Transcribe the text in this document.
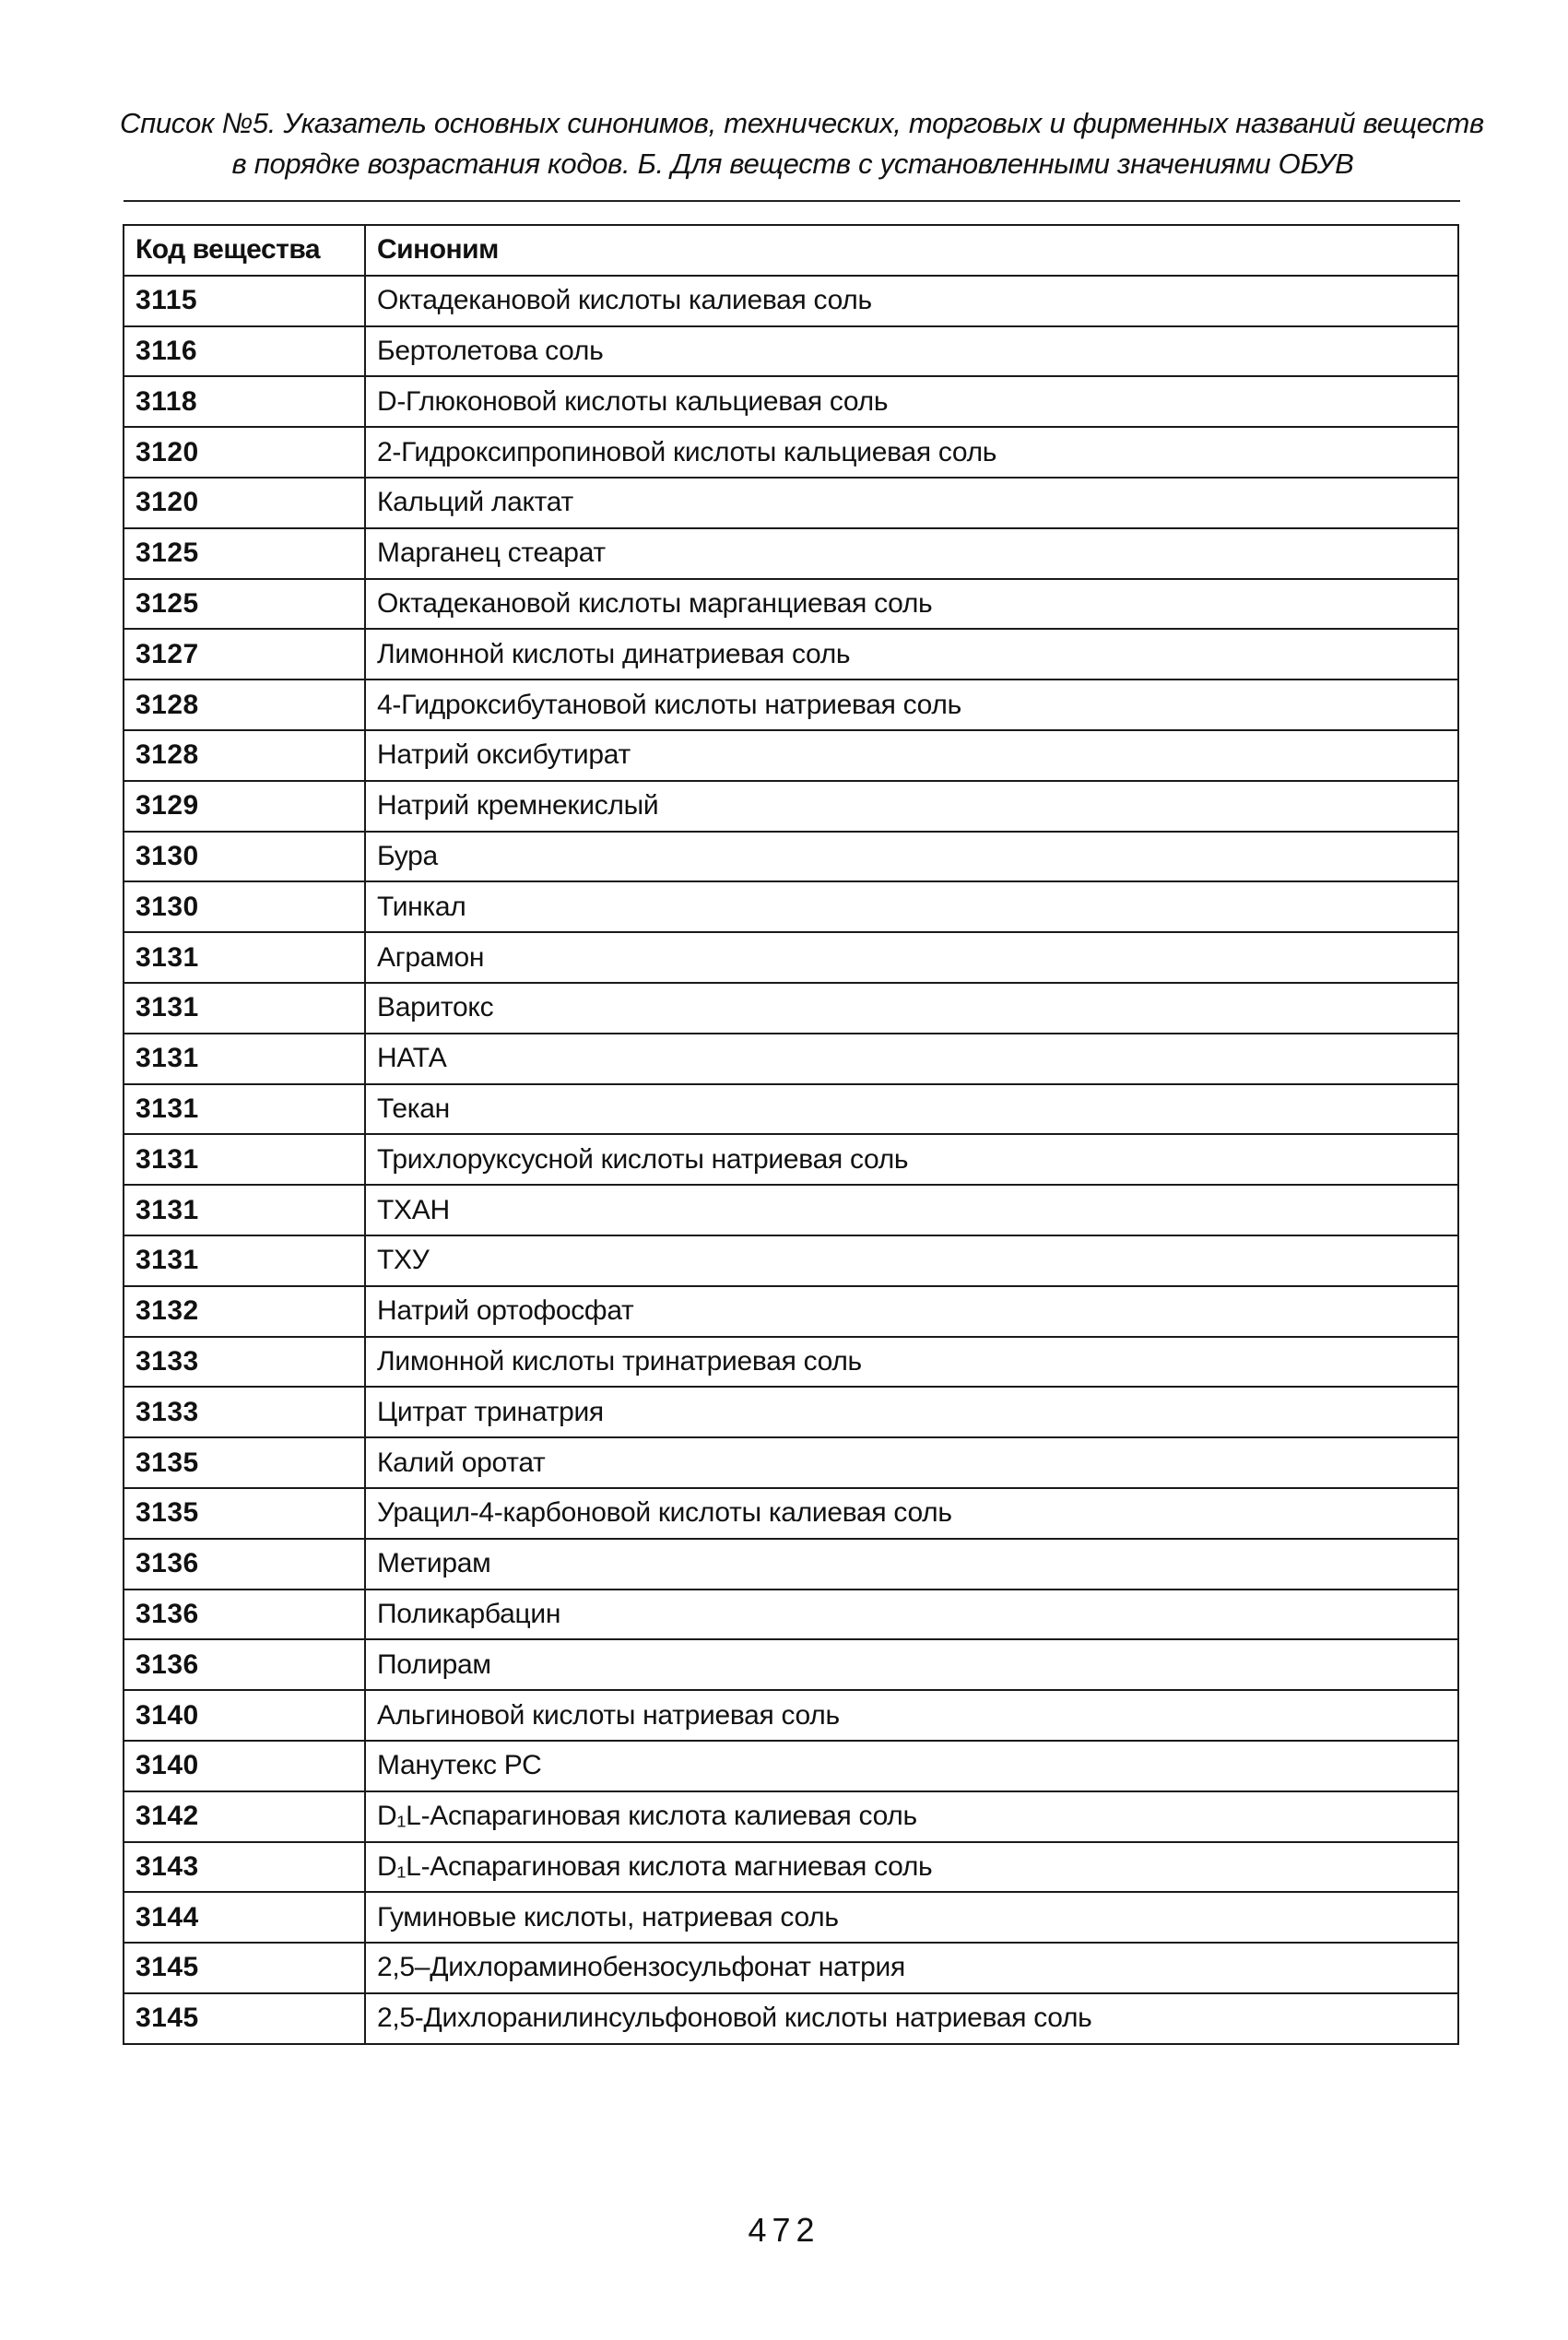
Список №5. Указатель основных синонимов, технических, торговых и фирменных названий веществ
в порядке возрастания кодов. Б. Для веществ с установленными значениями ОБУВ
Код вещества	Синоним
3115	Октадекановой кислоты калиевая соль
3116	Бертолетова соль
3118	D-Глюконовой кислоты кальциевая соль
3120	2-Гидроксипропиновой кислоты кальциевая соль
3120	Кальций лактат
3125	Марганец стеарат
3125	Октадекановой кислоты марганциевая соль
3127	Лимонной кислоты динатриевая соль
3128	4-Гидроксибутановой кислоты натриевая соль
3128	Натрий оксибутират
3129	Натрий кремнекислый
3130	Бура
3130	Тинкал
3131	Аграмон
3131	Варитокс
3131	НАТА
3131	Текан
3131	Трихлоруксусной кислоты натриевая соль
3131	ТХАН
3131	ТХУ
3132	Натрий ортофосфат
3133	Лимонной кислоты тринатриевая соль
3133	Цитрат тринатрия
3135	Калий оротат
3135	Урацил-4-карбоновой кислоты калиевая соль
3136	Метирам
3136	Поликарбацин
3136	Полирам
3140	Альгиновой кислоты натриевая соль
3140	Манутекс РС
3142	D₁L-Аспарагиновая кислота калиевая соль
3143	D₁L-Аспарагиновая кислота магниевая соль
3144	Гуминовые кислоты, натриевая соль
3145	2,5–Дихлораминобензосульфонат натрия
3145	2,5-Дихлоранилинсульфоновой кислоты натриевая соль
472
